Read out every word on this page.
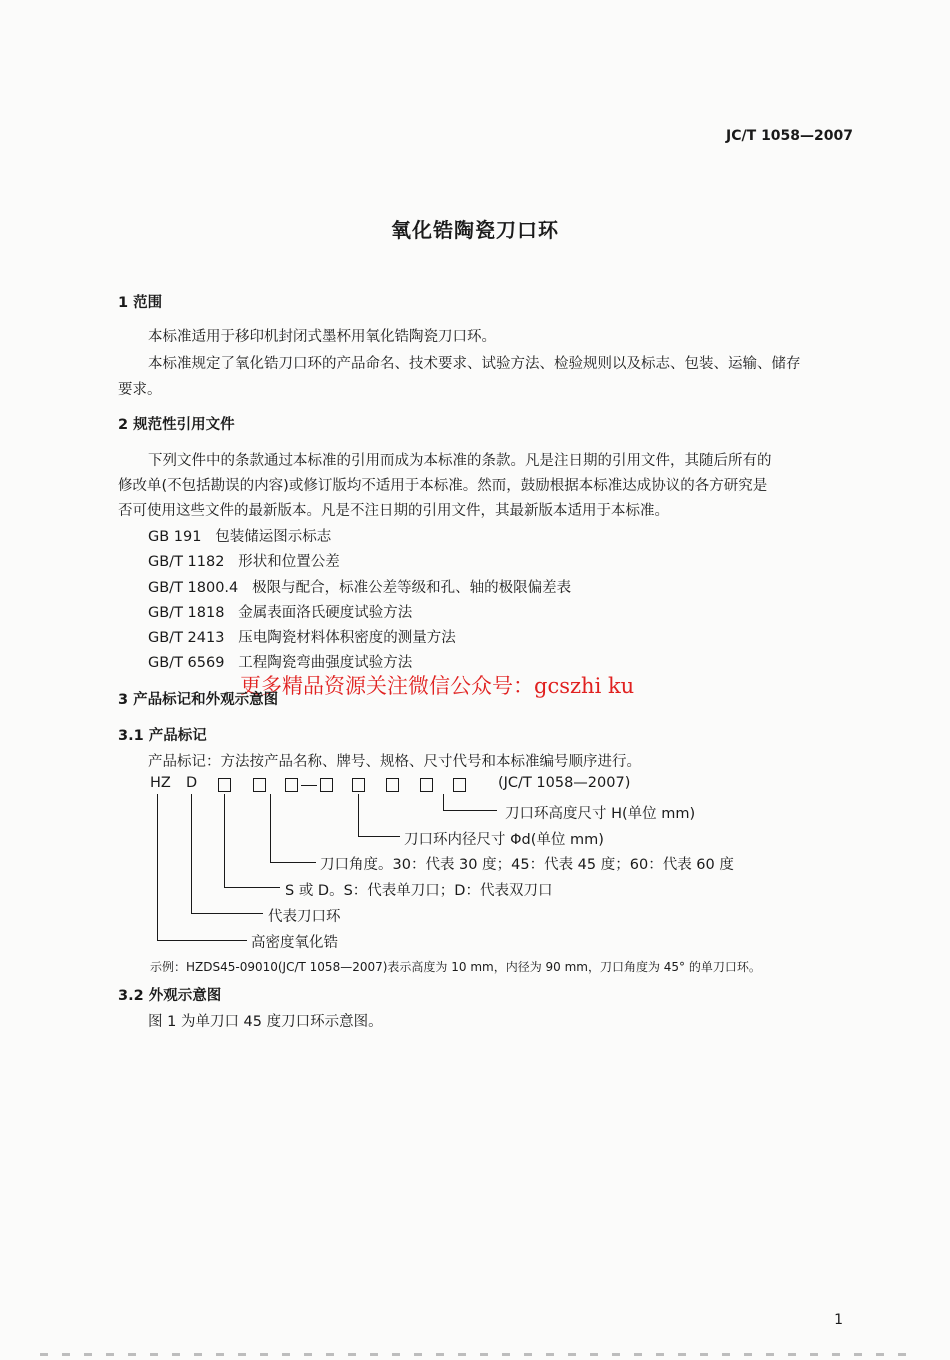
JC/T 1058—2007
氧化锆陶瓷刀口环
1 范围
本标准适用于移印机封闭式墨杯用氧化锆陶瓷刀口环。
本标准规定了氧化锆刀口环的产品命名、技术要求、试验方法、检验规则以及标志、包装、运输、储存
要求。
2 规范性引用文件
下列文件中的条款通过本标准的引用而成为本标准的条款。凡是注日期的引用文件，其随后所有的
修改单(不包括勘误的内容)或修订版均不适用于本标准。然而，鼓励根据本标准达成协议的各方研究是
否可使用这些文件的最新版本。凡是不注日期的引用文件，其最新版本适用于本标准。
GB 191   包装储运图示标志
GB/T 1182   形状和位置公差
GB/T 1800.4   极限与配合，标准公差等级和孔、轴的极限偏差表
GB/T 1818   金属表面洛氏硬度试验方法
GB/T 2413   压电陶瓷材料体积密度的测量方法
GB/T 6569   工程陶瓷弯曲强度试验方法
更多精品资源关注微信公众号：gcszhi ku
3 产品标记和外观示意图
3.1 产品标记
产品标记：方法按产品名称、牌号、规格、尺寸代号和本标准编号顺序进行。
HZ D	(JC/T 1058—2007)
刀口环高度尺寸 H(单位 mm)
刀口环内径尺寸 Φd(单位 mm)
刀口角度。30：代表 30 度；45：代表 45 度；60：代表 60 度
S 或 D。S：代表单刀口；D：代表双刀口
代表刀口环
高密度氧化锆
示例：HZDS45-09010(JC/T 1058—2007)表示高度为 10 mm，内径为 90 mm，刀口角度为 45° 的单刀口环。
3.2 外观示意图
图 1 为单刀口 45 度刀口环示意图。
1
